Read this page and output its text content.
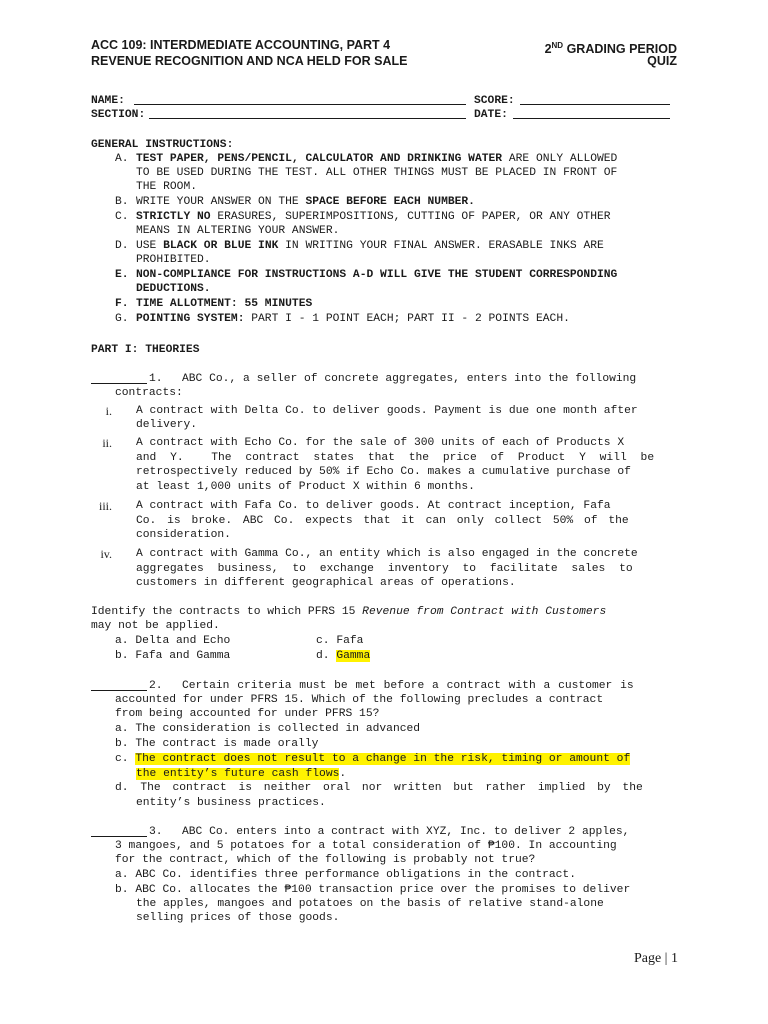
ACC 109: INTERDMEDIATE ACCOUNTING, PART 4
REVENUE RECOGNITION AND NCA HELD FOR SALE
2ND GRADING PERIOD
QUIZ
NAME:
SECTION:
SCORE:
DATE:
GENERAL INSTRUCTIONS:
A. TEST PAPER, PENS/PENCIL, CALCULATOR AND DRINKING WATER ARE ONLY ALLOWED
TO BE USED DURING THE TEST. ALL OTHER THINGS MUST BE PLACED IN FRONT OF
THE ROOM.
B. WRITE YOUR ANSWER ON THE SPACE BEFORE EACH NUMBER.
C. STRICTLY NO ERASURES, SUPERIMPOSITIONS, CUTTING OF PAPER, OR ANY OTHER
MEANS IN ALTERING YOUR ANSWER.
D. USE BLACK OR BLUE INK IN WRITING YOUR FINAL ANSWER. ERASABLE INKS ARE
PROHIBITED.
E. NON-COMPLIANCE FOR INSTRUCTIONS A-D WILL GIVE THE STUDENT CORRESPONDING
DEDUCTIONS.
F. TIME ALLOTMENT: 55 MINUTES
G. POINTING SYSTEM: PART I - 1 POINT EACH; PART II - 2 POINTS EACH.
PART I: THEORIES
1. ABC Co., a seller of concrete aggregates, enters into the following
contracts:
i. A contract with Delta Co. to deliver goods. Payment is due one month after
delivery.
ii. A contract with Echo Co. for the sale of 300 units of each of Products X
and Y.  The contract states that the price of Product Y will be
retrospectively reduced by 50% if Echo Co. makes a cumulative purchase of
at least 1,000 units of Product X within 6 months.
iii. A contract with Fafa Co. to deliver goods. At contract inception, Fafa
Co. is broke. ABC Co. expects that it can only collect 50% of the
consideration.
iv. A contract with Gamma Co., an entity which is also engaged in the concrete
aggregates business, to exchange inventory to facilitate sales to
customers in different geographical areas of operations.
Identify the contracts to which PFRS 15 Revenue from Contract with Customers
may not be applied.
a. Delta and Echo
b. Fafa and Gamma
c. Fafa
d. Gamma
2. Certain criteria must be met before a contract with a customer is
accounted for under PFRS 15. Which of the following precludes a contract
from being accounted for under PFRS 15?
a. The consideration is collected in advanced
b. The contract is made orally
c. The contract does not result to a change in the risk, timing or amount of
the entity’s future cash flows.
d. The contract is neither oral nor written but rather implied by the
entity’s business practices.
3. ABC Co. enters into a contract with XYZ, Inc. to deliver 2 apples,
3 mangoes, and 5 potatoes for a total consideration of ₱100. In accounting
for the contract, which of the following is probably not true?
a. ABC Co. identifies three performance obligations in the contract.
b. ABC Co. allocates the ₱100 transaction price over the promises to deliver
the apples, mangoes and potatoes on the basis of relative stand-alone
selling prices of those goods.
Page | 1
